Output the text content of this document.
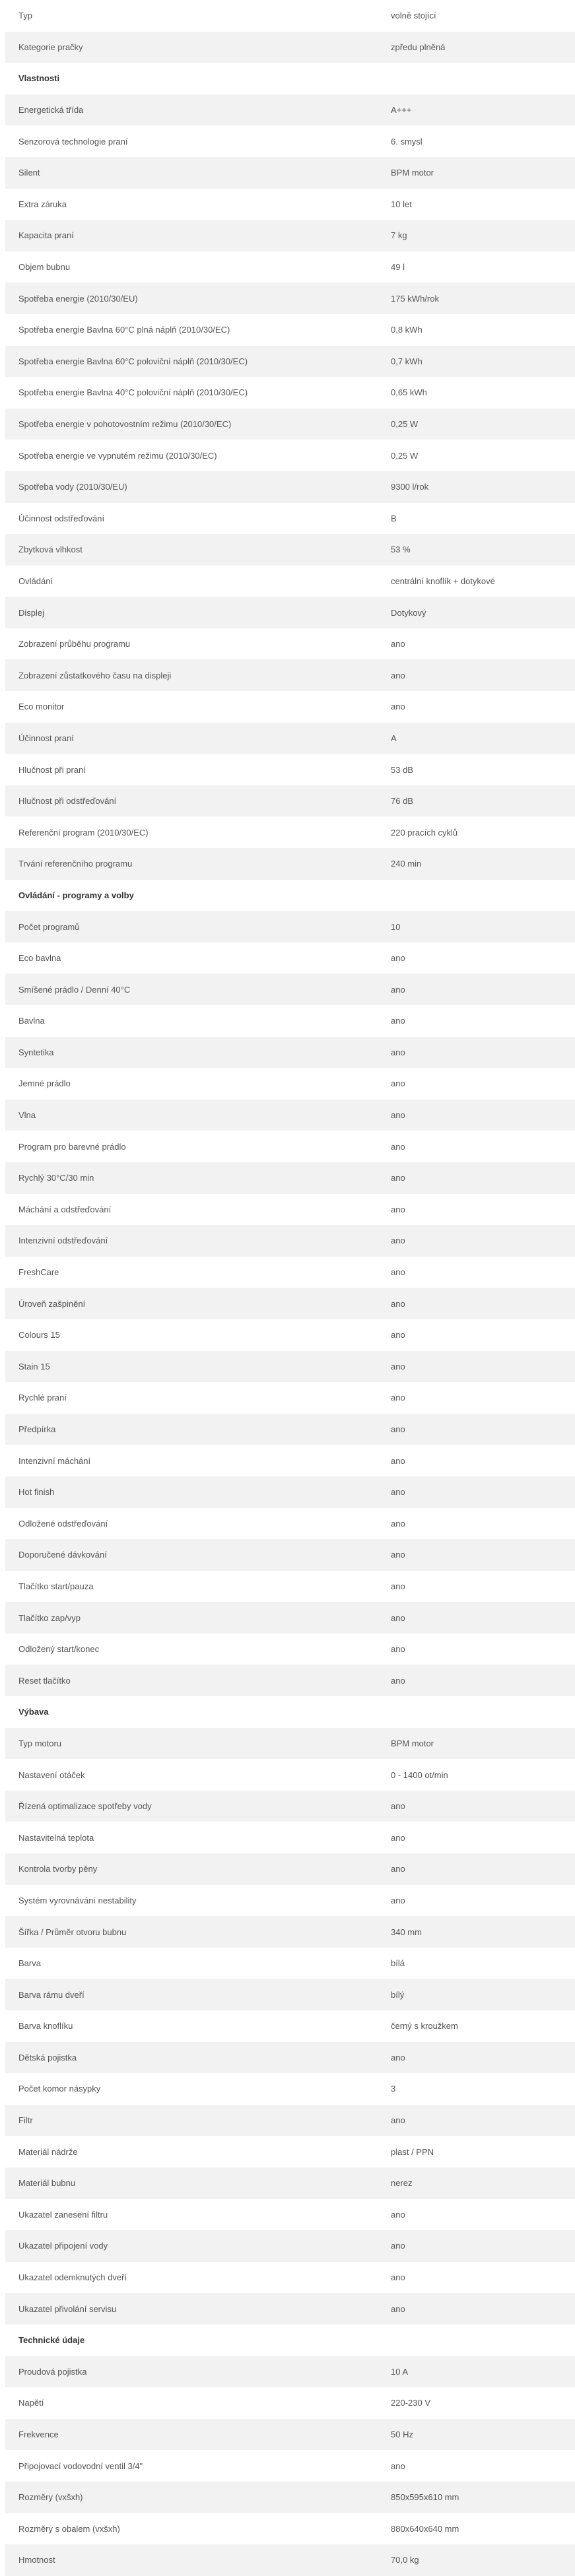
Typ	volně stojící
Kategorie pračky	zpředu plněná
Vlastnosti
Energetická třída	A+++
Senzorová technologie praní	6. smysl
Silent	BPM motor
Extra záruka	10 let
Kapacita praní	7 kg
Objem bubnu	49 l
Spotřeba energie (2010/30/EU)	175 kWh/rok
Spotřeba energie Bavlna 60°C plná náplň (2010/30/EC)	0,8 kWh
Spotřeba energie Bavlna 60°C poloviční náplň (2010/30/EC)	0,7 kWh
Spotřeba energie Bavlna 40°C poloviční náplň (2010/30/EC)	0,65 kWh
Spotřeba energie v pohotovostním režimu (2010/30/EC)	0,25 W
Spotřeba energie ve vypnutém režimu (2010/30/EC)	0,25 W
Spotřeba vody (2010/30/EU)	9300 l/rok
Účinnost odstřeďování	B
Zbytková vlhkost	53 %
Ovládání	centrální knoflík + dotykové
Displej	Dotykový
Zobrazení průběhu programu	ano
Zobrazení zůstatkového času na displeji	ano
Eco monitor	ano
Účinnost praní	A
Hlučnost při praní	53 dB
Hlučnost při odstřeďování	76 dB
Referenční program (2010/30/EC)	220 pracích cyklů
Trvání referenčního programu	240 min
Ovládání - programy a volby
Počet programů	10
Eco bavlna	ano
Smíšené prádlo / Denní 40°C	ano
Bavlna	ano
Syntetika	ano
Jemné prádlo	ano
Vlna	ano
Program pro barevné prádlo	ano
Rychlý 30°C/30 min	ano
Máchání a odstřeďování	ano
Intenzivní odstřeďování	ano
FreshCare	ano
Úroveň zašpinění	ano
Colours 15	ano
Stain 15	ano
Rychlé praní	ano
Předpírka	ano
Intenzivní máchání	ano
Hot finish	ano
Odložené odstřeďování	ano
Doporučené dávkování	ano
Tlačítko start/pauza	ano
Tlačítko zap/vyp	ano
Odložený start/konec	ano
Reset tlačítko	ano
Výbava
Typ motoru	BPM motor
Nastavení otáček	0 - 1400 ot/min
Řízená optimalizace spotřeby vody	ano
Nastavitelná teplota	ano
Kontrola tvorby pěny	ano
Systém vyrovnávání nestability	ano
Šířka / Průměr otvoru bubnu	340 mm
Barva	bílá
Barva rámu dveří	bílý
Barva knoflíku	černý s kroužkem
Dětská pojistka	ano
Počet komor násypky	3
Filtr	ano
Materiál nádrže	plast / PPN
Materiál bubnu	nerez
Ukazatel zanesení filtru	ano
Ukazatel připojení vody	ano
Ukazatel odemknutých dveří	ano
Ukazatel přivolání servisu	ano
Technické údaje
Proudová pojistka	10 A
Napětí	220-230 V
Frekvence	50 Hz
Připojovací vodovodní ventil 3/4"	ano
Rozměry (vxšxh)	850x595x610 mm
Rozměry s obalem (vxšxh)	880x640x640 mm
Hmotnost	70,0 kg
